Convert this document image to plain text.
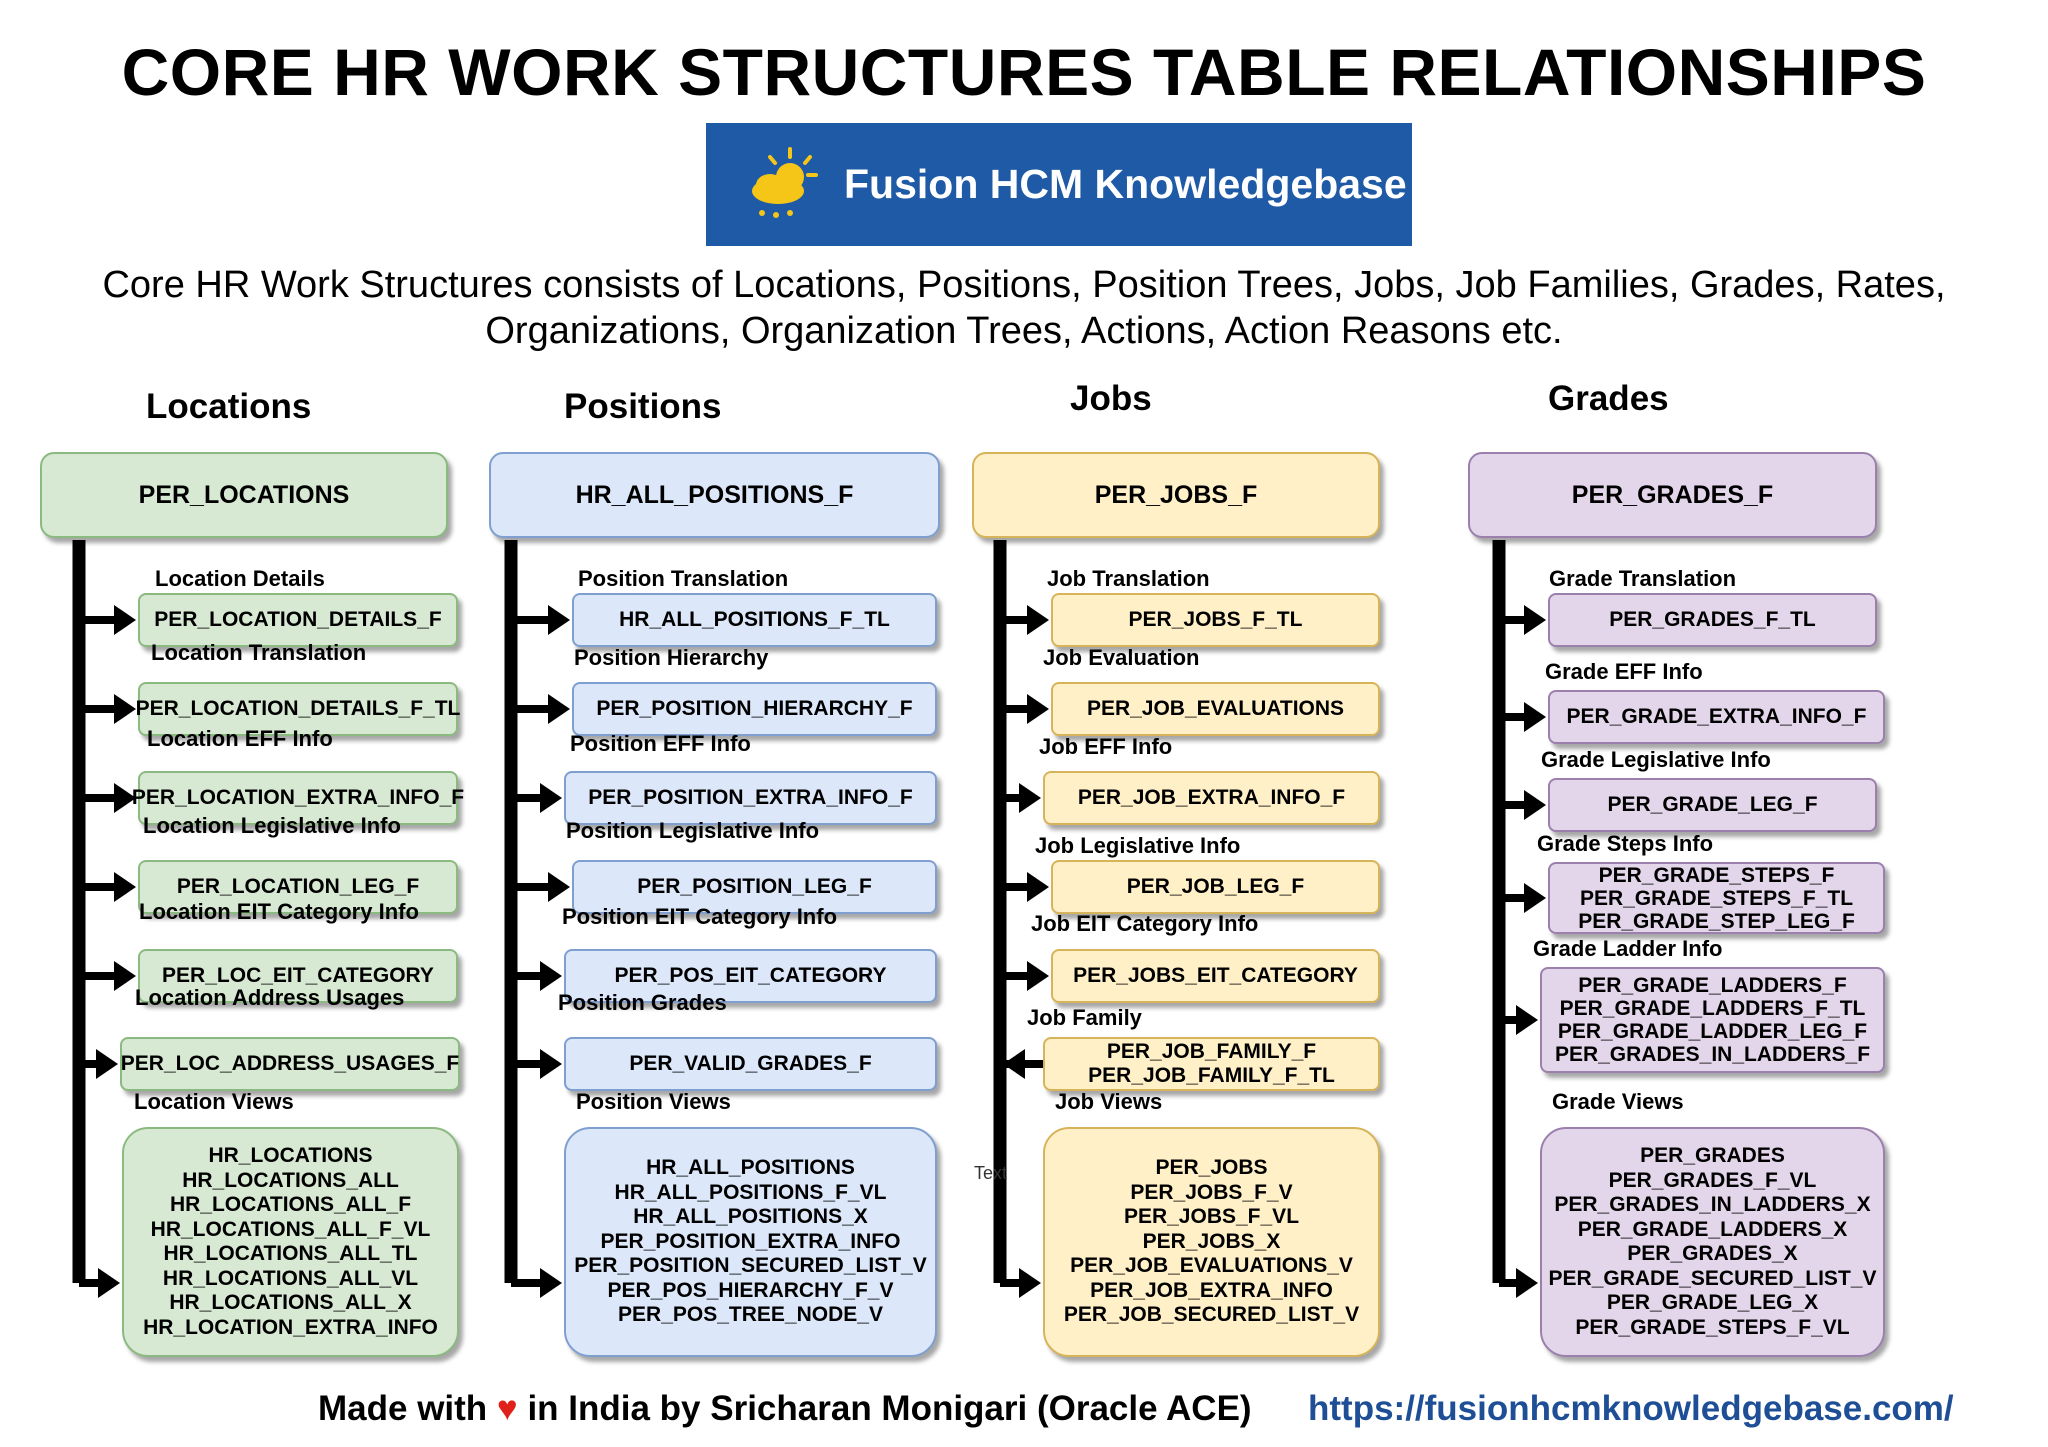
CORE HR WORK STRUCTURES TABLE RELATIONSHIPS
Fusion HCM Knowledgebase
Core HR Work Structures consists of Locations, Positions, Position Trees, Jobs, Job Families, Grades, Rates, Organizations, Organization Trees, Actions, Action Reasons etc.
Locations
PER_LOCATIONS
Location Details
PER_LOCATION_DETAILS_F
Location Translation
PER_LOCATION_DETAILS_F_TL
Location EFF Info
PER_LOCATION_EXTRA_INFO_F
Location Legislative Info
PER_LOCATION_LEG_F
Location EIT Category Info
PER_LOC_EIT_CATEGORY
Location Address Usages
PER_LOC_ADDRESS_USAGES_F
Location Views
HR_LOCATIONS
HR_LOCATIONS_ALL
HR_LOCATIONS_ALL_F
HR_LOCATIONS_ALL_F_VL
HR_LOCATIONS_ALL_TL
HR_LOCATIONS_ALL_VL
HR_LOCATIONS_ALL_X
HR_LOCATION_EXTRA_INFO
Positions
HR_ALL_POSITIONS_F
Position Translation
HR_ALL_POSITIONS_F_TL
Position Hierarchy
PER_POSITION_HIERARCHY_F
Position EFF Info
PER_POSITION_EXTRA_INFO_F
Position Legislative Info
PER_POSITION_LEG_F
Position EIT Category Info
PER_POS_EIT_CATEGORY
Position Grades
PER_VALID_GRADES_F
Position Views
HR_ALL_POSITIONS
HR_ALL_POSITIONS_F_VL
HR_ALL_POSITIONS_X
PER_POSITION_EXTRA_INFO
PER_POSITION_SECURED_LIST_V
PER_POS_HIERARCHY_F_V
PER_POS_TREE_NODE_V
Jobs
PER_JOBS_F
Job Translation
PER_JOBS_F_TL
Job Evaluation
PER_JOB_EVALUATIONS
Job EFF Info
PER_JOB_EXTRA_INFO_F
Job Legislative Info
PER_JOB_LEG_F
Job EIT Category Info
PER_JOBS_EIT_CATEGORY
Job Family
PER_JOB_FAMILY_F
PER_JOB_FAMILY_F_TL
Job Views
PER_JOBS
PER_JOBS_F_V
PER_JOBS_F_VL
PER_JOBS_X
PER_JOB_EVALUATIONS_V
PER_JOB_EXTRA_INFO
PER_JOB_SECURED_LIST_V
Text
Grades
PER_GRADES_F
Grade Translation
PER_GRADES_F_TL
Grade EFF Info
PER_GRADE_EXTRA_INFO_F
Grade Legislative Info
PER_GRADE_LEG_F
Grade Steps Info
PER_GRADE_STEPS_F
PER_GRADE_STEPS_F_TL
PER_GRADE_STEP_LEG_F
Grade Ladder Info
PER_GRADE_LADDERS_F
PER_GRADE_LADDERS_F_TL
PER_GRADE_LADDER_LEG_F
PER_GRADES_IN_LADDERS_F
Grade Views
PER_GRADES
PER_GRADES_F_VL
PER_GRADES_IN_LADDERS_X
PER_GRADE_LADDERS_X
PER_GRADES_X
PER_GRADE_SECURED_LIST_V
PER_GRADE_LEG_X
PER_GRADE_STEPS_F_VL
Made with ♥ in India by Sricharan Monigari (Oracle ACE) https://fusionhcmknowledgebase.com/
